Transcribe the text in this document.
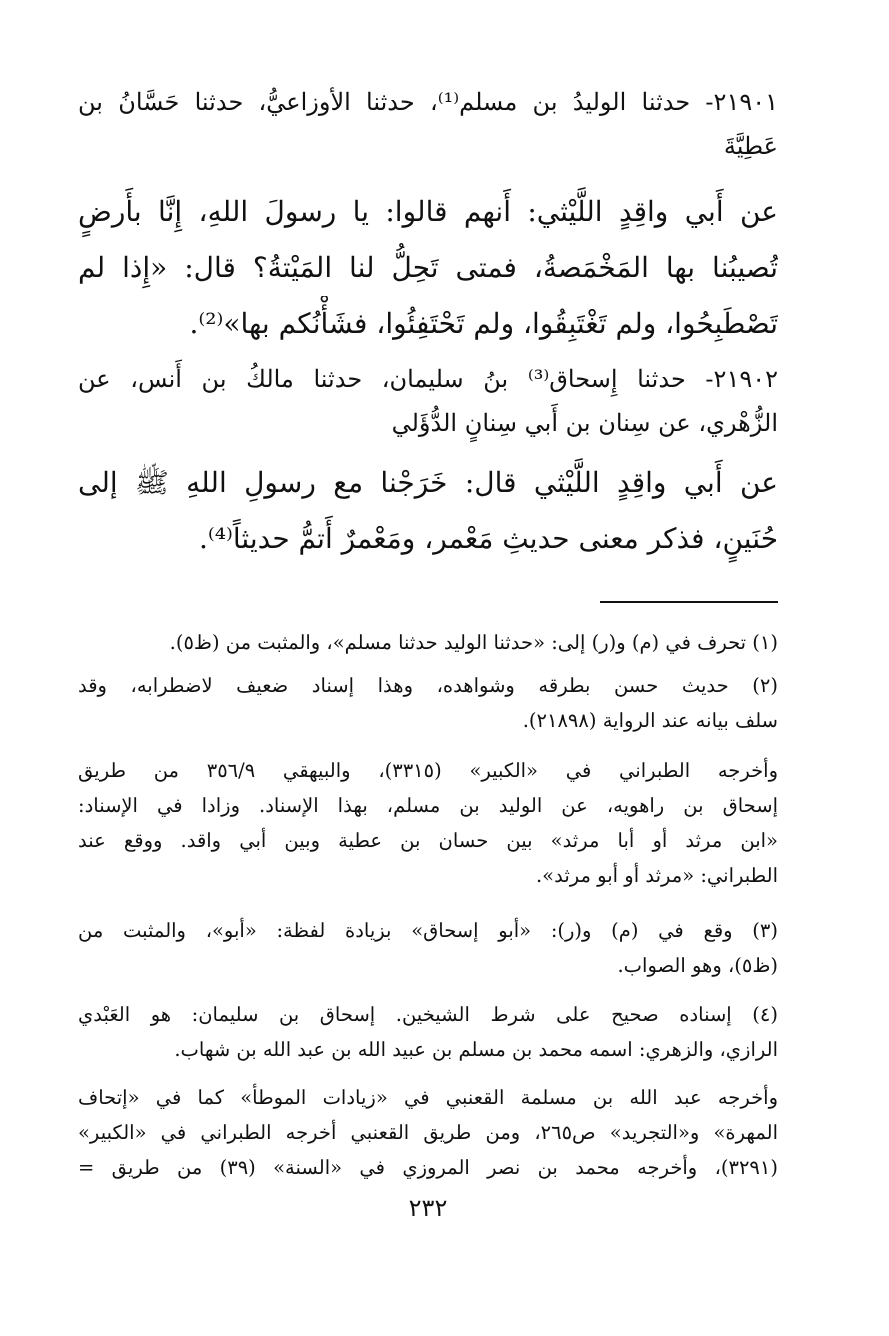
٢١٩٠١- حدثنا الوليدُ بن مسلم⁽¹⁾، حدثنا الأوزاعيُّ، حدثنا حَسَّانُ بن
عَطِيَّةَ
عن أَبي واقِدٍ اللَّيْثي: أَنهم قالوا: يا رسولَ اللهِ، إِنَّا بأَرضٍ
تُصيبُنا بها المَخْمَصةُ، فمتى تَحِلُّ لنا المَيْتةُ؟ قال: «إِذا لم
تَصْطَبِحُوا، ولم تَغْتَبِقُوا، ولم تَحْتَفِئُوا، فشَأْنُكم بها»⁽²⁾.
٢١٩٠٢- حدثنا إِسحاق⁽³⁾ بنُ سليمان، حدثنا مالكُ بن أَنس، عن
الزُّهْري، عن سِنان بن أَبي سِنانٍ الدُّؤَلي
عن أَبي واقِدٍ اللَّيْثي قال: خَرَجْنا مع رسولِ اللهِ ﷺ إلى
حُنَينٍ، فذكر معنى حديثِ مَعْمر، ومَعْمرٌ أَتمُّ حديثاً⁽⁴⁾.
(١) تحرف في (م) و(ر) إلى: «حدثنا الوليد حدثنا مسلم»، والمثبت من (ظ٥).
(٢) حديث حسن بطرقه وشواهده، وهذا إسناد ضعيف لاضطرابه، وقد
سلف بيانه عند الرواية (٢١٨٩٨).
وأخرجه الطبراني في «الكبير» (٣٣١٥)، والبيهقي ٣٥٦/٩ من طريق
إسحاق بن راهويه، عن الوليد بن مسلم، بهذا الإسناد. وزادا في الإسناد:
«ابن مرثد أو أبا مرثد» بين حسان بن عطية وبين أبي واقد. ووقع عند
الطبراني: «مرثد أو أبو مرثد».
(٣) وقع في (م) و(ر): «أبو إسحاق» بزيادة لفظة: «أبو»، والمثبت من
(ظ٥)، وهو الصواب.
(٤) إسناده صحيح على شرط الشيخين. إسحاق بن سليمان: هو العَبْدي
الرازي، والزهري: اسمه محمد بن مسلم بن عبيد الله بن عبد الله بن شهاب.
وأخرجه عبد الله بن مسلمة القعنبي في «زيادات الموطأ» كما في «إتحاف
المهرة» و«التجريد» ص٢٦٥، ومن طريق القعنبي أخرجه الطبراني في «الكبير»
(٣٢٩١)، وأخرجه محمد بن نصر المروزي في «السنة» (٣٩) من طريق =
٢٣٢
